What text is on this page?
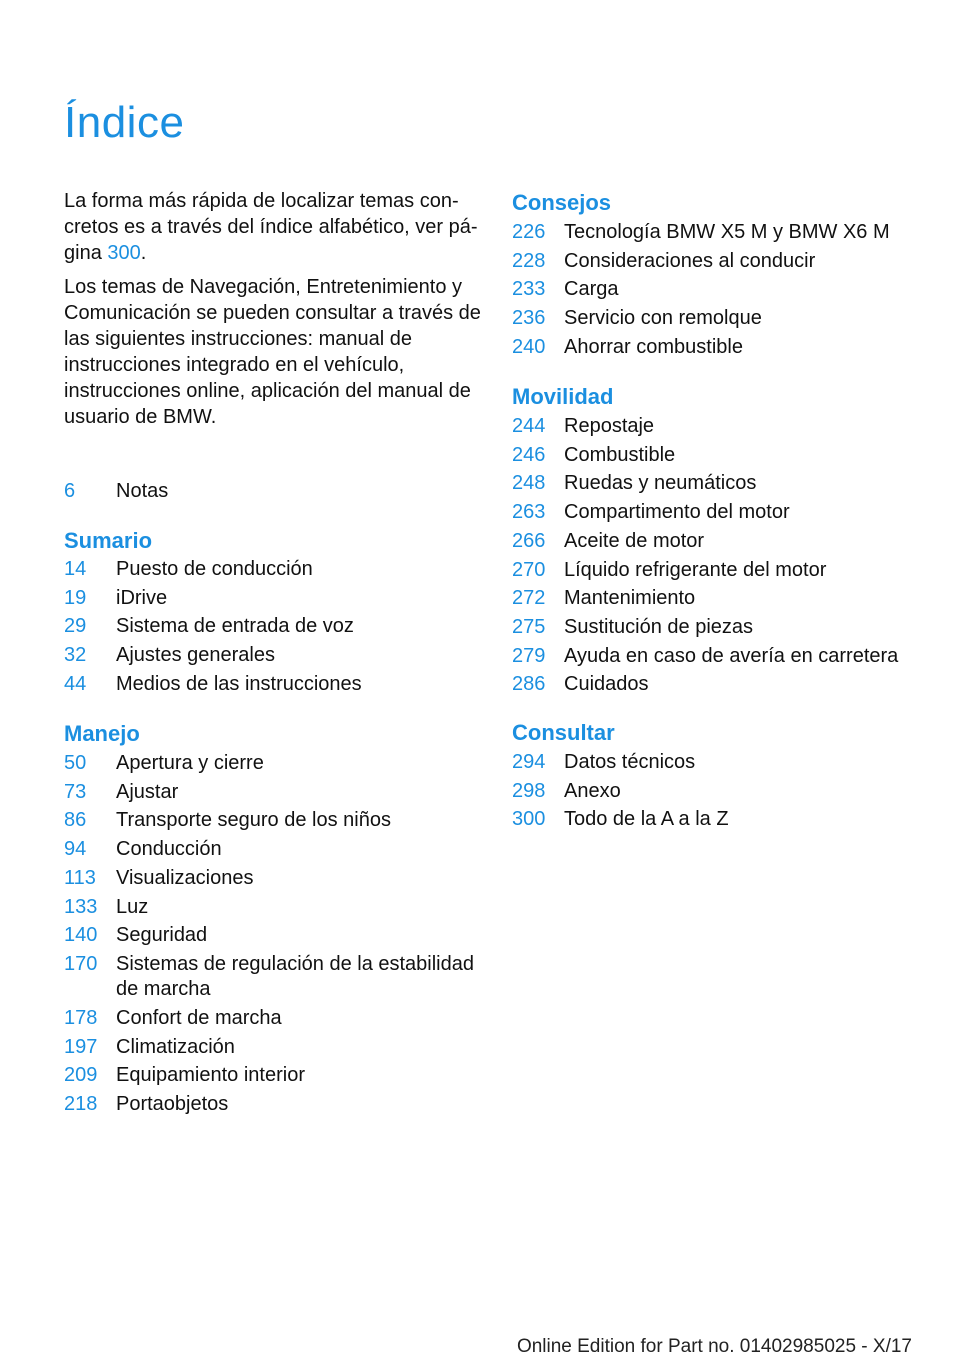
Índice

La forma más rápida de localizar temas con‑ cretos es a través del índice alfabético, ver pá‑ gina 300.

Los temas de Navegación, Entretenimiento y Comunicación se pueden consultar a través de las siguientes instrucciones: manual de instrucciones integrado en el vehículo, instrucciones online, aplicación del manual de usuario de BMW.

6 Notas
Sumario
14 Puesto de conducción
19 iDrive
29 Sistema de entrada de voz
32 Ajustes generales
44 Medios de las instrucciones
Manejo
50 Apertura y cierre
73 Ajustar
86 Transporte seguro de los niños
94 Conducción
113 Visualizaciones
133 Luz
140 Seguridad
170 Sistemas de regulación de la estabilidad de marcha
178 Confort de marcha
197 Climatización
209 Equipamiento interior
218 Portaobjetos
Consejos
226 Tecnología BMW X5 M y BMW X6 M
228 Consideraciones al conducir
233 Carga
236 Servicio con remolque
240 Ahorrar combustible
Movilidad
244 Repostaje
246 Combustible
248 Ruedas y neumáticos
263 Compartimento del motor
266 Aceite de motor
270 Líquido refrigerante del motor
272 Mantenimiento
275 Sustitución de piezas
279 Ayuda en caso de avería en carretera
286 Cuidados
Consultar
294 Datos técnicos
298 Anexo
300 Todo de la A a la Z
Online Edition for Part no. 01402985025 - X/17
